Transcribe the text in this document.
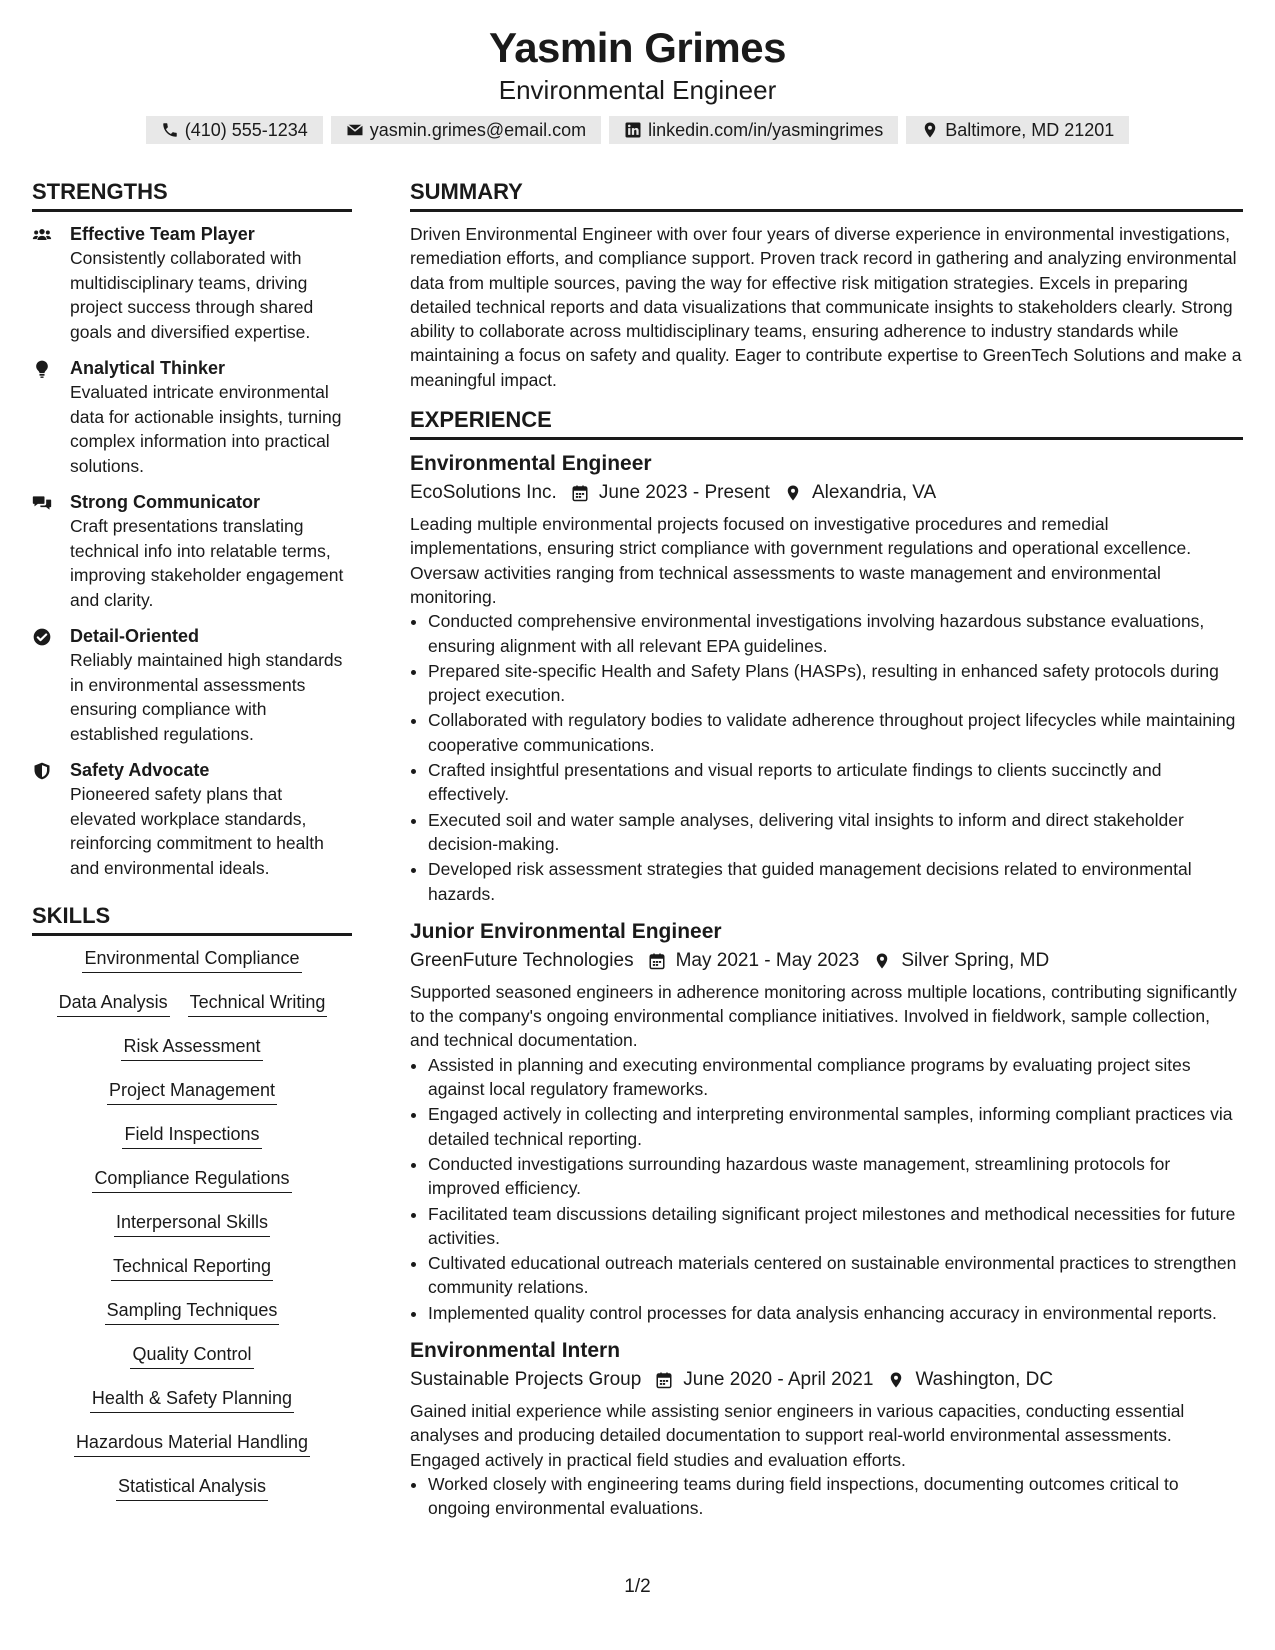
Yasmin Grimes
Environmental Engineer
(410) 555-1234	yasmin.grimes@email.com	linkedin.com/in/yasmingrimes	Baltimore, MD 21201
STRENGTHS
Effective Team Player
Consistently collaborated with multidisciplinary teams, driving project success through shared goals and diversified expertise.
Analytical Thinker
Evaluated intricate environmental data for actionable insights, turning complex information into practical solutions.
Strong Communicator
Craft presentations translating technical info into relatable terms, improving stakeholder engagement and clarity.
Detail-Oriented
Reliably maintained high standards in environmental assessments ensuring compliance with established regulations.
Safety Advocate
Pioneered safety plans that elevated workplace standards, reinforcing commitment to health and environmental ideals.
SKILLS
Environmental Compliance
Data Analysis Technical Writing
Risk Assessment
Project Management
Field Inspections
Compliance Regulations
Interpersonal Skills
Technical Reporting
Sampling Techniques
Quality Control
Health & Safety Planning
Hazardous Material Handling
Statistical Analysis
SUMMARY
Driven Environmental Engineer with over four years of diverse experience in environmental investigations, remediation efforts, and compliance support. Proven track record in gathering and analyzing environmental data from multiple sources, paving the way for effective risk mitigation strategies. Excels in preparing detailed technical reports and data visualizations that communicate insights to stakeholders clearly. Strong ability to collaborate across multidisciplinary teams, ensuring adherence to industry standards while maintaining a focus on safety and quality. Eager to contribute expertise to GreenTech Solutions and make a meaningful impact.
EXPERIENCE
Environmental Engineer
EcoSolutions Inc. June 2023 - Present Alexandria, VA
Leading multiple environmental projects focused on investigative procedures and remedial implementations, ensuring strict compliance with government regulations and operational excellence. Oversaw activities ranging from technical assessments to waste management and environmental monitoring.
• Conducted comprehensive environmental investigations involving hazardous substance evaluations, ensuring alignment with all relevant EPA guidelines.
• Prepared site-specific Health and Safety Plans (HASPs), resulting in enhanced safety protocols during project execution.
• Collaborated with regulatory bodies to validate adherence throughout project lifecycles while maintaining cooperative communications.
• Crafted insightful presentations and visual reports to articulate findings to clients succinctly and effectively.
• Executed soil and water sample analyses, delivering vital insights to inform and direct stakeholder decision-making.
• Developed risk assessment strategies that guided management decisions related to environmental hazards.
Junior Environmental Engineer
GreenFuture Technologies May 2021 - May 2023 Silver Spring, MD
Supported seasoned engineers in adherence monitoring across multiple locations, contributing significantly to the company's ongoing environmental compliance initiatives. Involved in fieldwork, sample collection, and technical documentation.
• Assisted in planning and executing environmental compliance programs by evaluating project sites against local regulatory frameworks.
• Engaged actively in collecting and interpreting environmental samples, informing compliant practices via detailed technical reporting.
• Conducted investigations surrounding hazardous waste management, streamlining protocols for improved efficiency.
• Facilitated team discussions detailing significant project milestones and methodical necessities for future activities.
• Cultivated educational outreach materials centered on sustainable environmental practices to strengthen community relations.
• Implemented quality control processes for data analysis enhancing accuracy in environmental reports.
Environmental Intern
Sustainable Projects Group June 2020 - April 2021 Washington, DC
Gained initial experience while assisting senior engineers in various capacities, conducting essential analyses and producing detailed documentation to support real-world environmental assessments. Engaged actively in practical field studies and evaluation efforts.
• Worked closely with engineering teams during field inspections, documenting outcomes critical to ongoing environmental evaluations.
1/2
